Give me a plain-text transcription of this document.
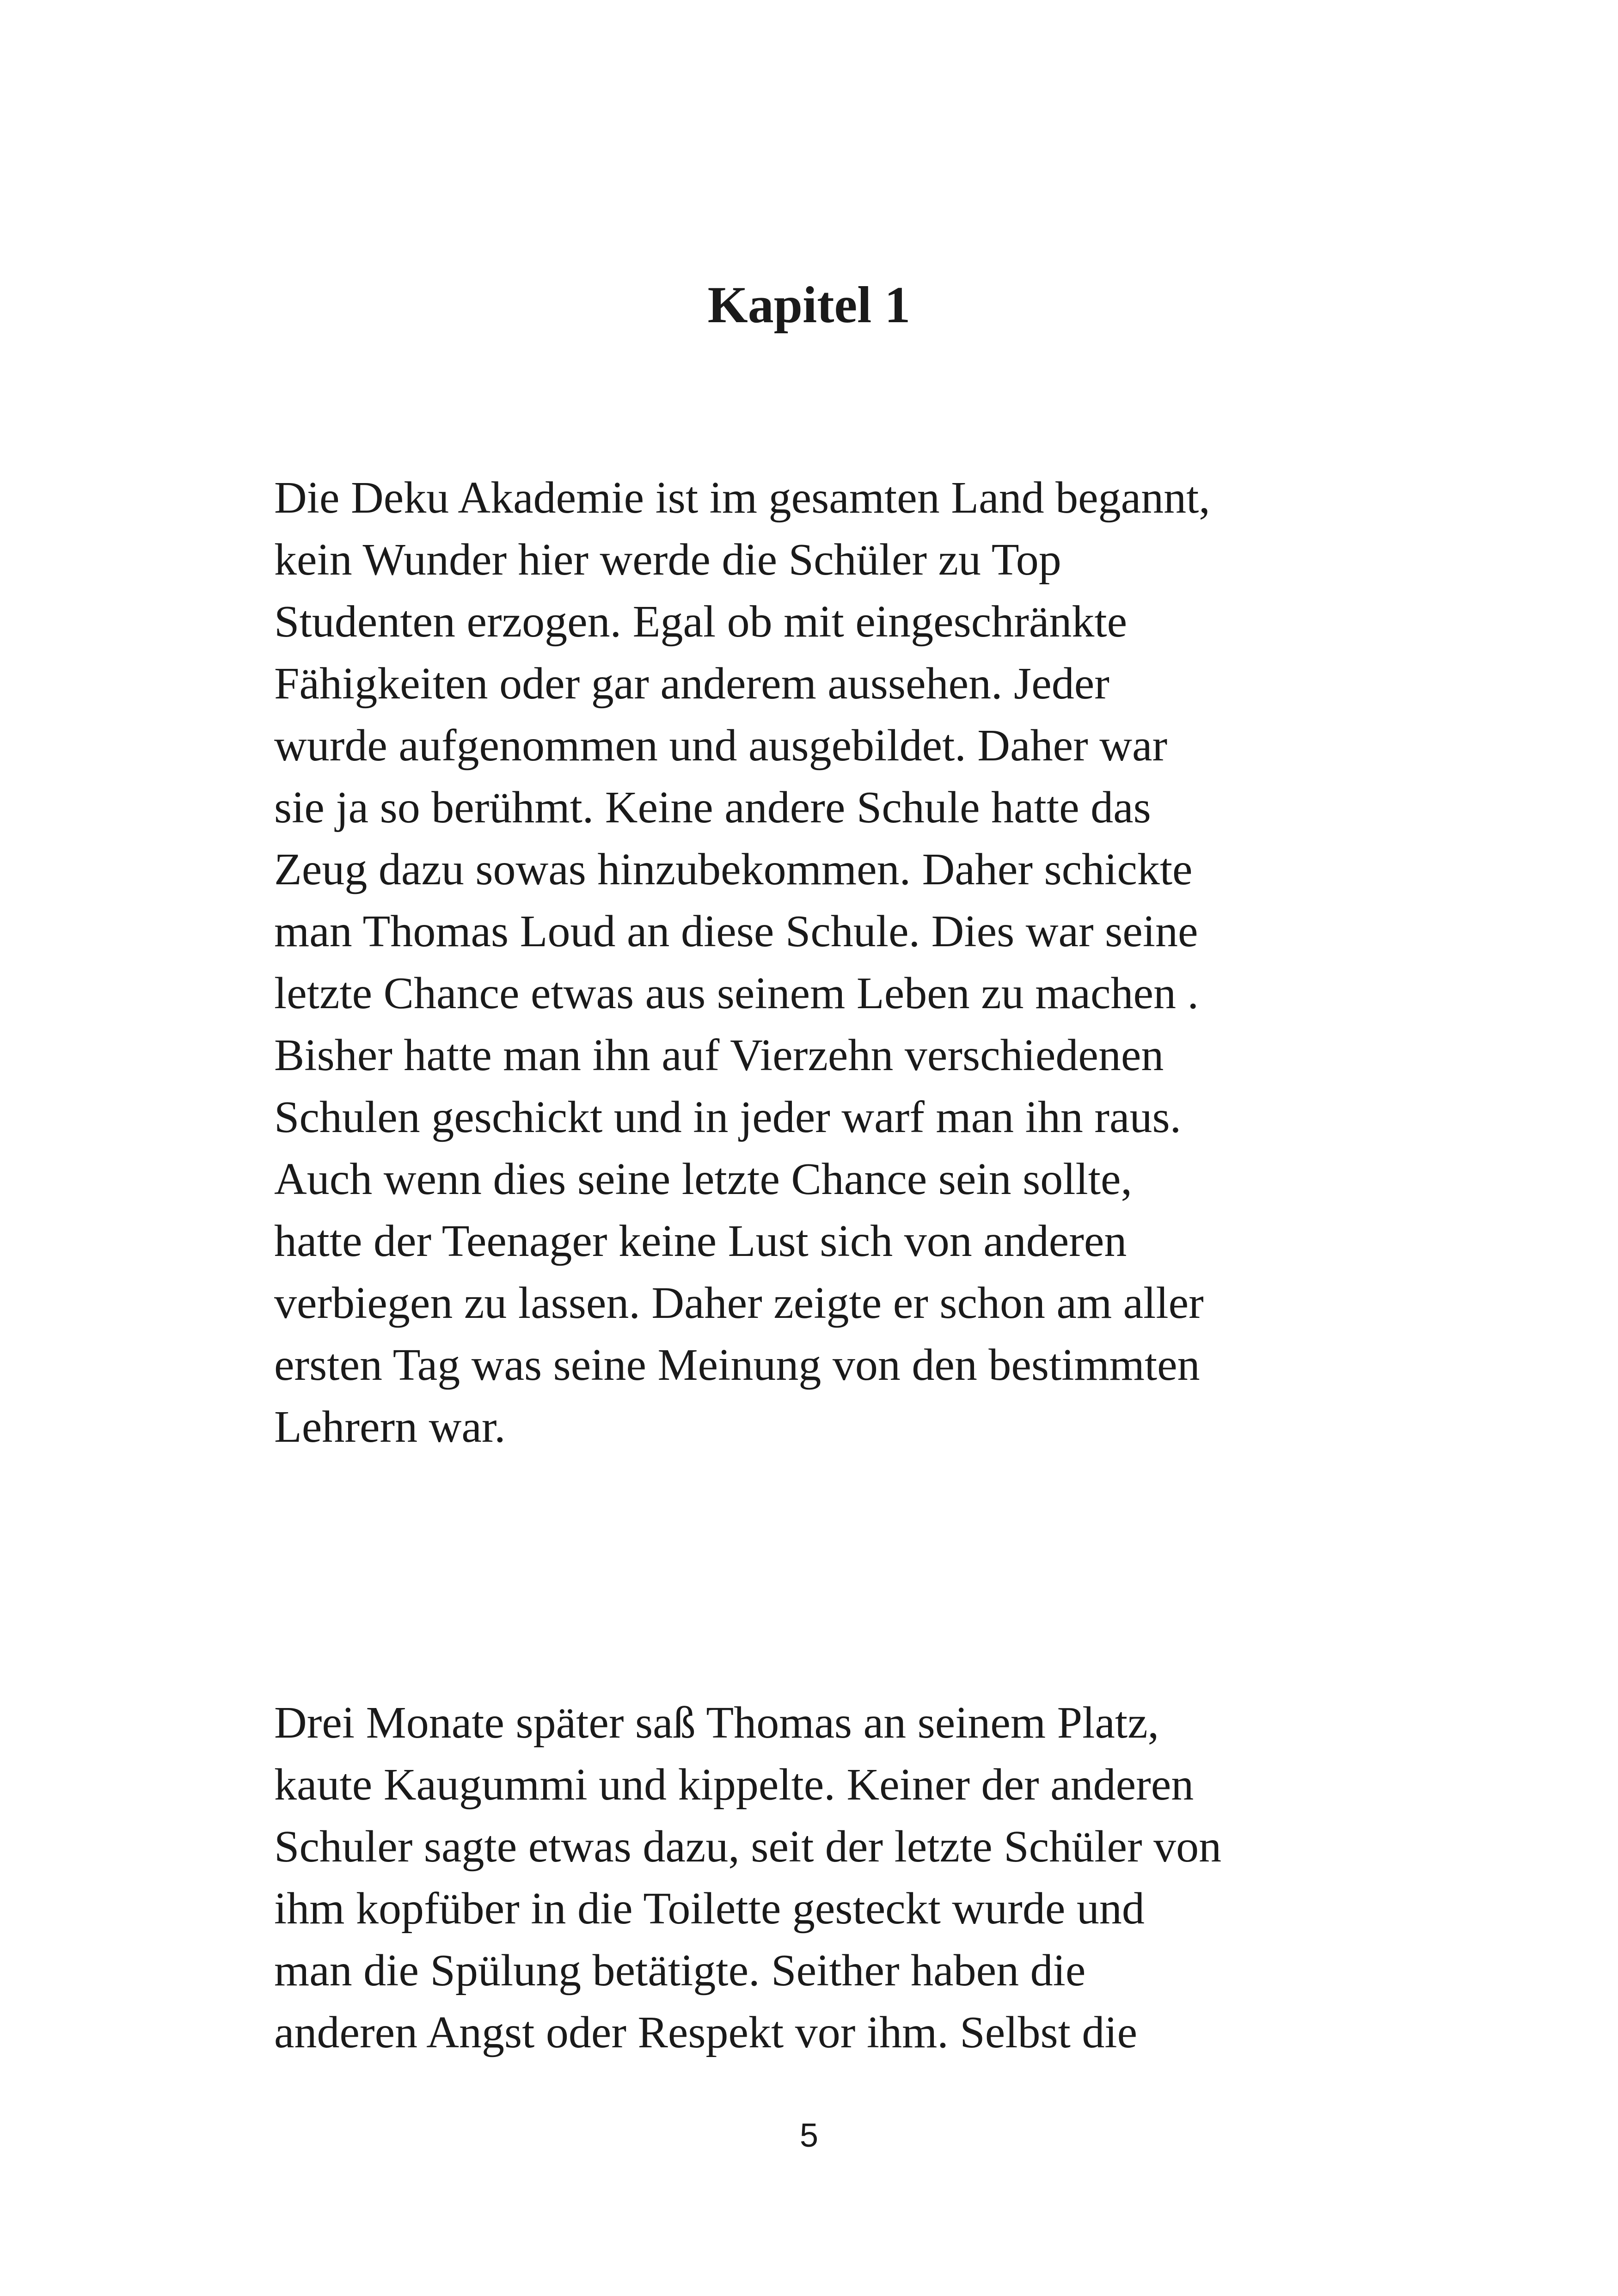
Kapitel 1

Die Deku Akademie ist im gesamten Land begannt,
kein Wunder hier werde die Schüler zu Top
Studenten erzogen. Egal ob mit eingeschränkte
Fähigkeiten oder gar anderem aussehen. Jeder
wurde aufgenommen und ausgebildet. Daher war
sie ja so berühmt. Keine andere Schule hatte das
Zeug dazu sowas hinzubekommen. Daher schickte
man Thomas Loud an diese Schule. Dies war seine
letzte Chance etwas aus seinem Leben zu machen .
Bisher hatte man ihn auf Vierzehn verschiedenen
Schulen geschickt und in jeder warf man ihn raus.
Auch wenn dies seine letzte Chance sein sollte,
hatte der Teenager keine Lust sich von anderen
verbiegen zu lassen. Daher zeigte er schon am aller
ersten Tag was seine Meinung von den bestimmten
Lehrern war.

Drei Monate später saß Thomas an seinem Platz,
kaute Kaugummi und kippelte. Keiner der anderen
Schuler sagte etwas dazu, seit der letzte Schüler von
ihm kopfüber in die Toilette gesteckt wurde und
man die Spülung betätigte. Seither haben die
anderen Angst oder Respekt vor ihm. Selbst die

5
